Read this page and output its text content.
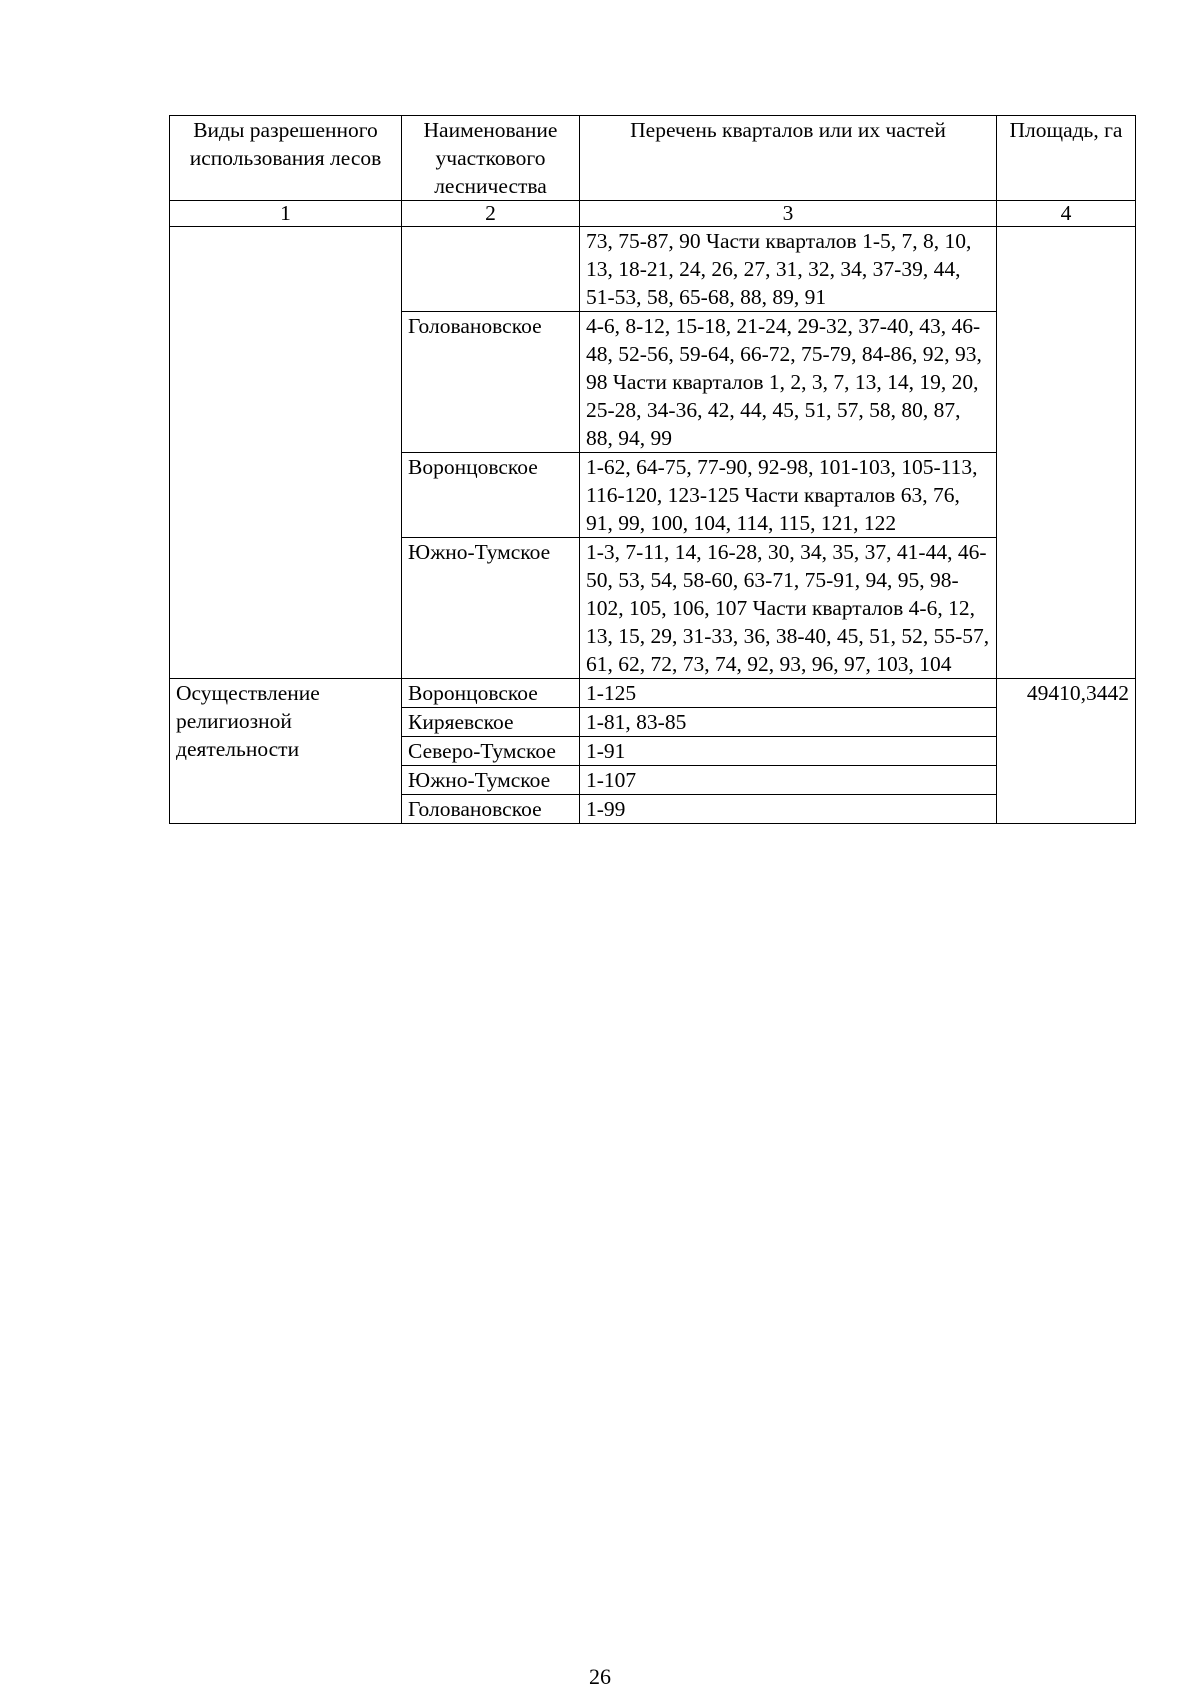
Виды разрешенного использования лесов	Наименование участкового лесничества	Перечень кварталов или их частей	Площадь, га
1	2	3	4
		73, 75-87, 90 Части кварталов 1-5, 7, 8, 10, 13, 18-21, 24, 26, 27, 31, 32, 34, 37-39, 44, 51-53, 58, 65-68, 88, 89, 91	
	Голованoвское	4-6, 8-12, 15-18, 21-24, 29-32, 37-40, 43, 46-48, 52-56, 59-64, 66-72, 75-79, 84-86, 92, 93, 98 Части кварталов 1, 2, 3, 7, 13, 14, 19, 20, 25-28, 34-36, 42, 44, 45, 51, 57, 58, 80, 87, 88, 94, 99	
	Воронцовское	1-62, 64-75, 77-90, 92-98, 101-103, 105-113, 116-120, 123-125 Части кварталов 63, 76, 91, 99, 100, 104, 114, 115, 121, 122	
	Южно-Тумское	1-3, 7-11, 14, 16-28, 30, 34, 35, 37, 41-44, 46-50, 53, 54, 58-60, 63-71, 75-91, 94, 95, 98-102, 105, 106, 107 Части кварталов 4-6, 12, 13, 15, 29, 31-33, 36, 38-40, 45, 51, 52, 55-57, 61, 62, 72, 73, 74, 92, 93, 96, 97, 103, 104	
Осуществление религиозной деятельности	Воронцовское	1-125	49410,3442
	Киряевское	1-81, 83-85	
	Северо-Тумское	1-91	
	Южно-Тумское	1-107	
	Голованoвское	1-99	
26
